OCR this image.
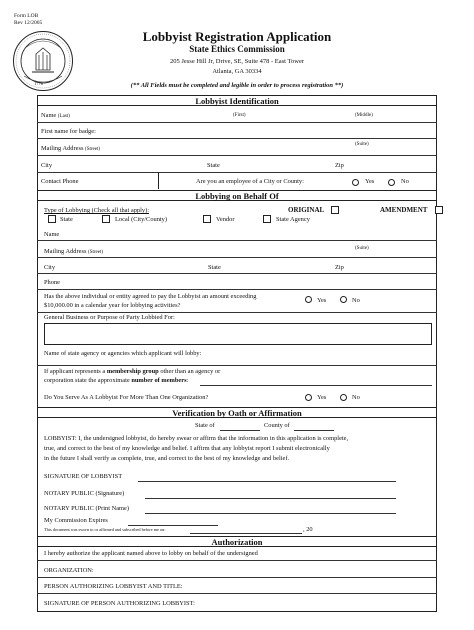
Form LOB
Rev 12/2005
1776
Lobbyist Registration Application
State Ethics Commission
205 Jesse Hill Jr, Drive, SE, Suite 478 - East Tower
Atlanta, GA 30334
(** All Fields must be completed and legible in order to process registration **)
Lobbyist Identification
Name (Last)	(First)	(Middle)
First name for badge:
Mailing Address (Street)
(Suite)
City	State	Zip
Contact Phone	Are you an employee of a City or County:	Yes	No
Lobbying on Behalf Of
Type of Lobbying (Check all that apply):	ORIGINAL	AMENDMENT
State	Local (City/County)	Vendor	State Agency
Name
Mailing Address (Street)
(Suite)
City	State	Zip
Phone
Has the above individual or entity agreed to pay the Lobbyist an amount exceeding
$10,000.00 in a calendar year for lobbying activities?
Yes	No
General Business or Purpose of Party Lobbied For:
Name of state agency or agencies which applicant will lobby:
If applicant represents a membership group other than an agency or
corporation state the approximate number of members:
Do You Serve As A Lobbyist For More Than One Organization?	Yes	No
Verification by Oath or Affirmation
State of	County of
LOBBYIST: I, the undersigned lobbyist, do hereby swear or affirm that the information in this application is complete,
true, and correct to the best of my knowledge and belief. I affirm that any lobbyist report I submit electronically
in the future I shall verify as complete, true, and correct to the best of my knowledge and belief.
SIGNATURE OF LOBBYIST
NOTARY PUBLIC (Signature)
NOTARY PUBLIC (Print Name)
My Commission Expires
This document was sworn to or affirmed and subscribed before me on:	, 20
Authorization
I hereby authorize the applicant named above to lobby on behalf of the undersigned
ORGANIZATION:
PERSON AUTHORIZING LOBBYIST AND TITLE:
SIGNATURE OF PERSON AUTHORIZING LOBBYIST:
